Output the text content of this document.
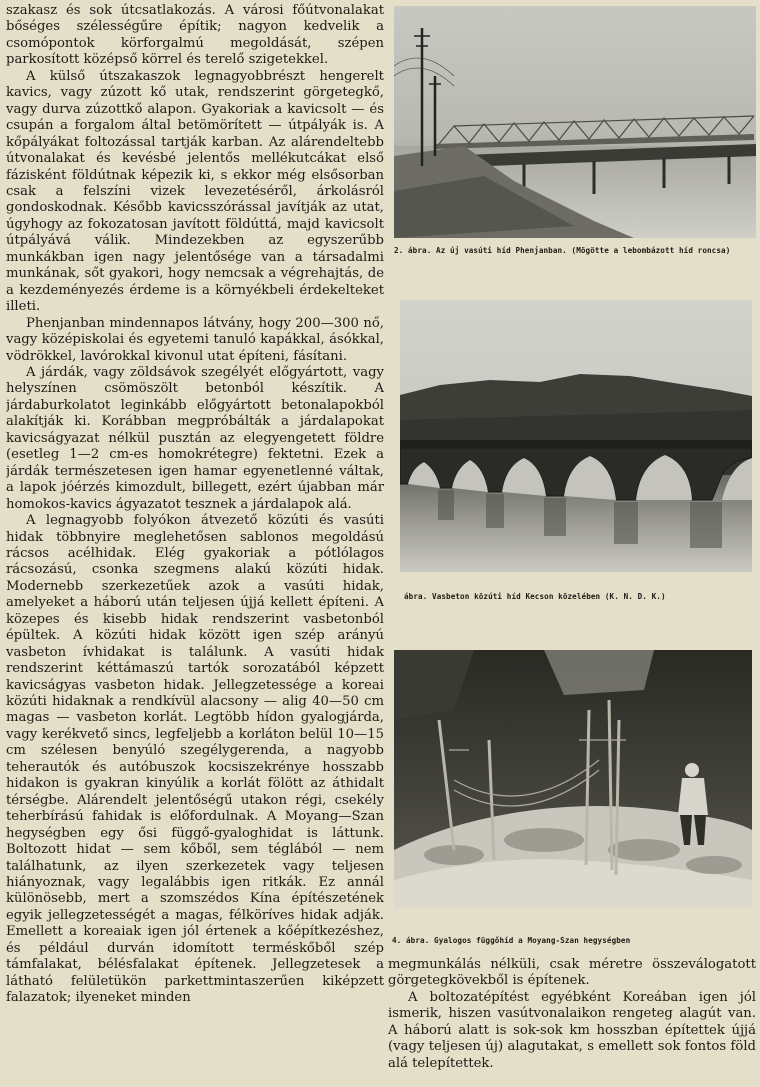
szakasz és sok útcsatlakozás. A városi főútvonalakat bőséges szélességűre építik; nagyon kedvelik a csomópontok körforgalmú megoldását, szépen parkosított középső körrel és terelő szigetekkel.

A külső útszakaszok legnagyobbrészt hengerelt kavics, vagy zúzott kő utak, rendszerint görgetegkő, vagy durva zúzottkő alapon. Gyakoriak a kavicsolt — és csupán a forgalom által betömörített — útpályák is. A kőpályákat foltozással tartják karban. Az alárendeltebb útvonalakat és kevésbé jelentős mellékutcákat első fázisként földútnak képezik ki, s ekkor még elsősorban csak a felszíni vizek levezetéséről, árkolásról gondoskodnak. Később kavicsszórással javítják az utat, úgyhogy az fokozatosan javított földúttá, majd kavicsolt útpályává válik. Mindezekben az egyszerűbb munkákban igen nagy jelentősége van a társadalmi munkának, sőt gyakori, hogy nemcsak a végrehajtás, de a kezdeményezés érdeme is a környékbeli érdekelteket illeti.

Phenjanban mindennapos látvány, hogy 200—300 nő, vagy középiskolai és egyetemi tanuló kapákkal, ásókkal, vödrökkel, lavórokkal kivonul utat építeni, fásítani.

A járdák, vagy zöldsávok szegélyét előgyártott, vagy helyszínen csömöszölt betonból készítik. A járdaburkolatot leginkább előgyártott betonalapokból alakítják ki. Korábban megpróbálták a járdalapokat kavicságyazat nélkül pusztán az elegyengetett földre (esetleg 1—2 cm-es homokrétegre) fektetni. Ezek a járdák természetesen igen hamar egyenetlenné váltak, a lapok jóérzés kimozdult, billegett, ezért újabban már homokos-kavics ágyazatot tesznek a járdalapok alá.

A legnagyobb folyókon átvezető közúti és vasúti hidak többnyire meglehetősen sablonos megoldású rácsos acélhidak. Elég gyakoriak a pótlólagos rácsozású, csonka szegmens alakú közúti hidak. Modernebb szerkezetűek azok a vasúti hidak, amelyeket a háború után teljesen újjá kellett építeni. A közepes és kisebb hidak rendszerint vasbetonból épültek. A közúti hidak között igen szép arányú vasbeton ívhidakat is találunk. A vasúti hidak rendszerint kéttámaszú tartók sorozatából képzett kavicságyas vasbeton hidak. Jellegzetessége a koreai közúti hidaknak a rendkívül alacsony — alig 40—50 cm magas — vasbeton korlát. Legtöbb hídon gyalogjárda, vagy kerékvető sincs, legfeljebb a korláton belül 10—15 cm szélesen benyúló szegélygerenda, a nagyobb teherautók és autóbuszok kocsiszekrénye hosszabb hidakon is gyakran kinyúlik a korlát fölött az áthidalt térségbe. Alárendelt jelentőségű utakon régi, csekély teherbírású fahidak is előfordulnak. A Moyang—Szan hegységben egy ősi függő-gyaloghidat is láttunk. Boltozott hidat — sem kőből, sem téglából — nem találhatunk, az ilyen szerkezetek vagy teljesen hiányoznak, vagy legalábbis igen ritkák. Ez annál különösebb, mert a szomszédos Kína építészetének egyik jellegzetességét a magas, félköríves hidak adják. Emellett a koreaiak igen jól értenek a kőépítkezéshez, és például durván idomított terméskőből szép támfalakat, bélésfalakat építenek. Jellegzetesek a látható felületükön parkettmintaszerűen kiképzett falazatok; ilyeneket minden

2. ábra. Az új vasúti híd Phenjanban. (Mögötte a lebombázott híd roncsa)
ábra. Vasbeton közúti híd Kecson közelében (K. N. D. K.)
4. ábra. Gyalogos függőhíd a Moyang-Szan hegységben

megmunkálás nélküli, csak méretre összeválogatott görgetegkövekből is építenek.

A boltozatépítést egyébként Koreában igen jól ismerik, hiszen vasútvonalaikon rengeteg alagút van. A háború alatt is sok-sok km hosszban építettek újjá (vagy teljesen új) alagutakat, s emellett sok fontos föld alá telepítettek.
